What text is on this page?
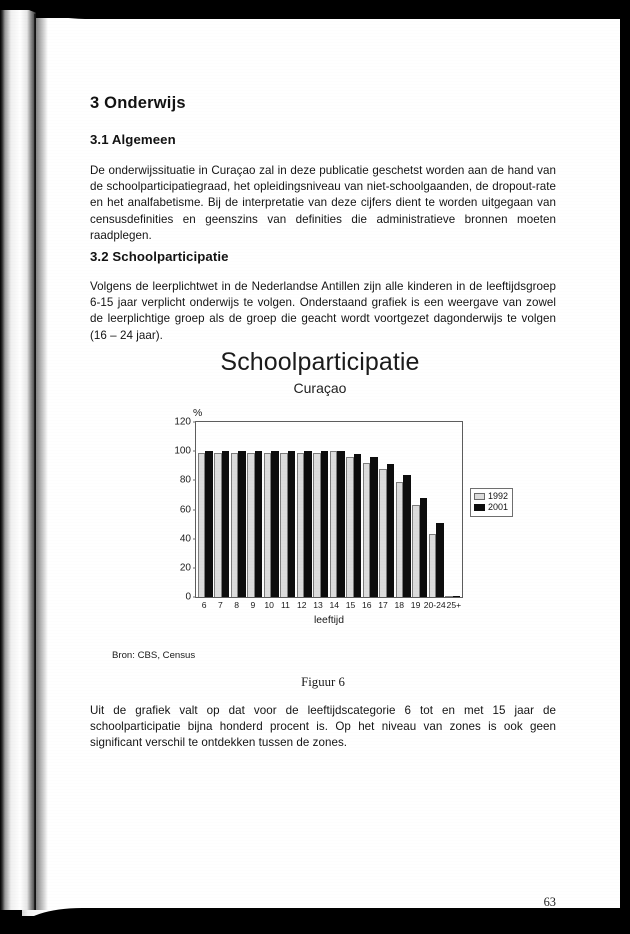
3 Onderwijs
3.1 Algemeen

De onderwijssituatie in Curaçao zal in deze publicatie geschetst worden aan de hand van de schoolparticipatiegraad, het opleidingsniveau van niet-schoolgaanden, de dropout-rate en het analfabetisme. Bij de interpretatie van deze cijfers dient te worden uitgegaan van censusdefinities en geenszins van definities die administratieve bronnen moeten raadplegen.

3.2 Schoolparticipatie

Volgens de leerplichtwet in de Nederlandse Antillen zijn alle kinderen in de leeftijdsgroep 6-15 jaar verplicht onderwijs te volgen. Onderstaand grafiek is een weergave van zowel de leerplichtige groep als de groep die geacht wordt voortgezet dagonderwijs te volgen (16 – 24 jaar).

Schoolparticipatie
Curaçao
%
0
20
40
60
80
100
120
6	7	8	9	10 11 12 13 14 15 16 17 18 19 20-24 25+
leeftijd
1992
2001
Bron: CBS, Census
Figuur 6

Uit de grafiek valt op dat voor de leeftijdscategorie 6 tot en met 15 jaar de schoolparticipatie bijna honderd procent is. Op het niveau van zones is ook geen significant verschil te ontdekken tussen de zones.

63
